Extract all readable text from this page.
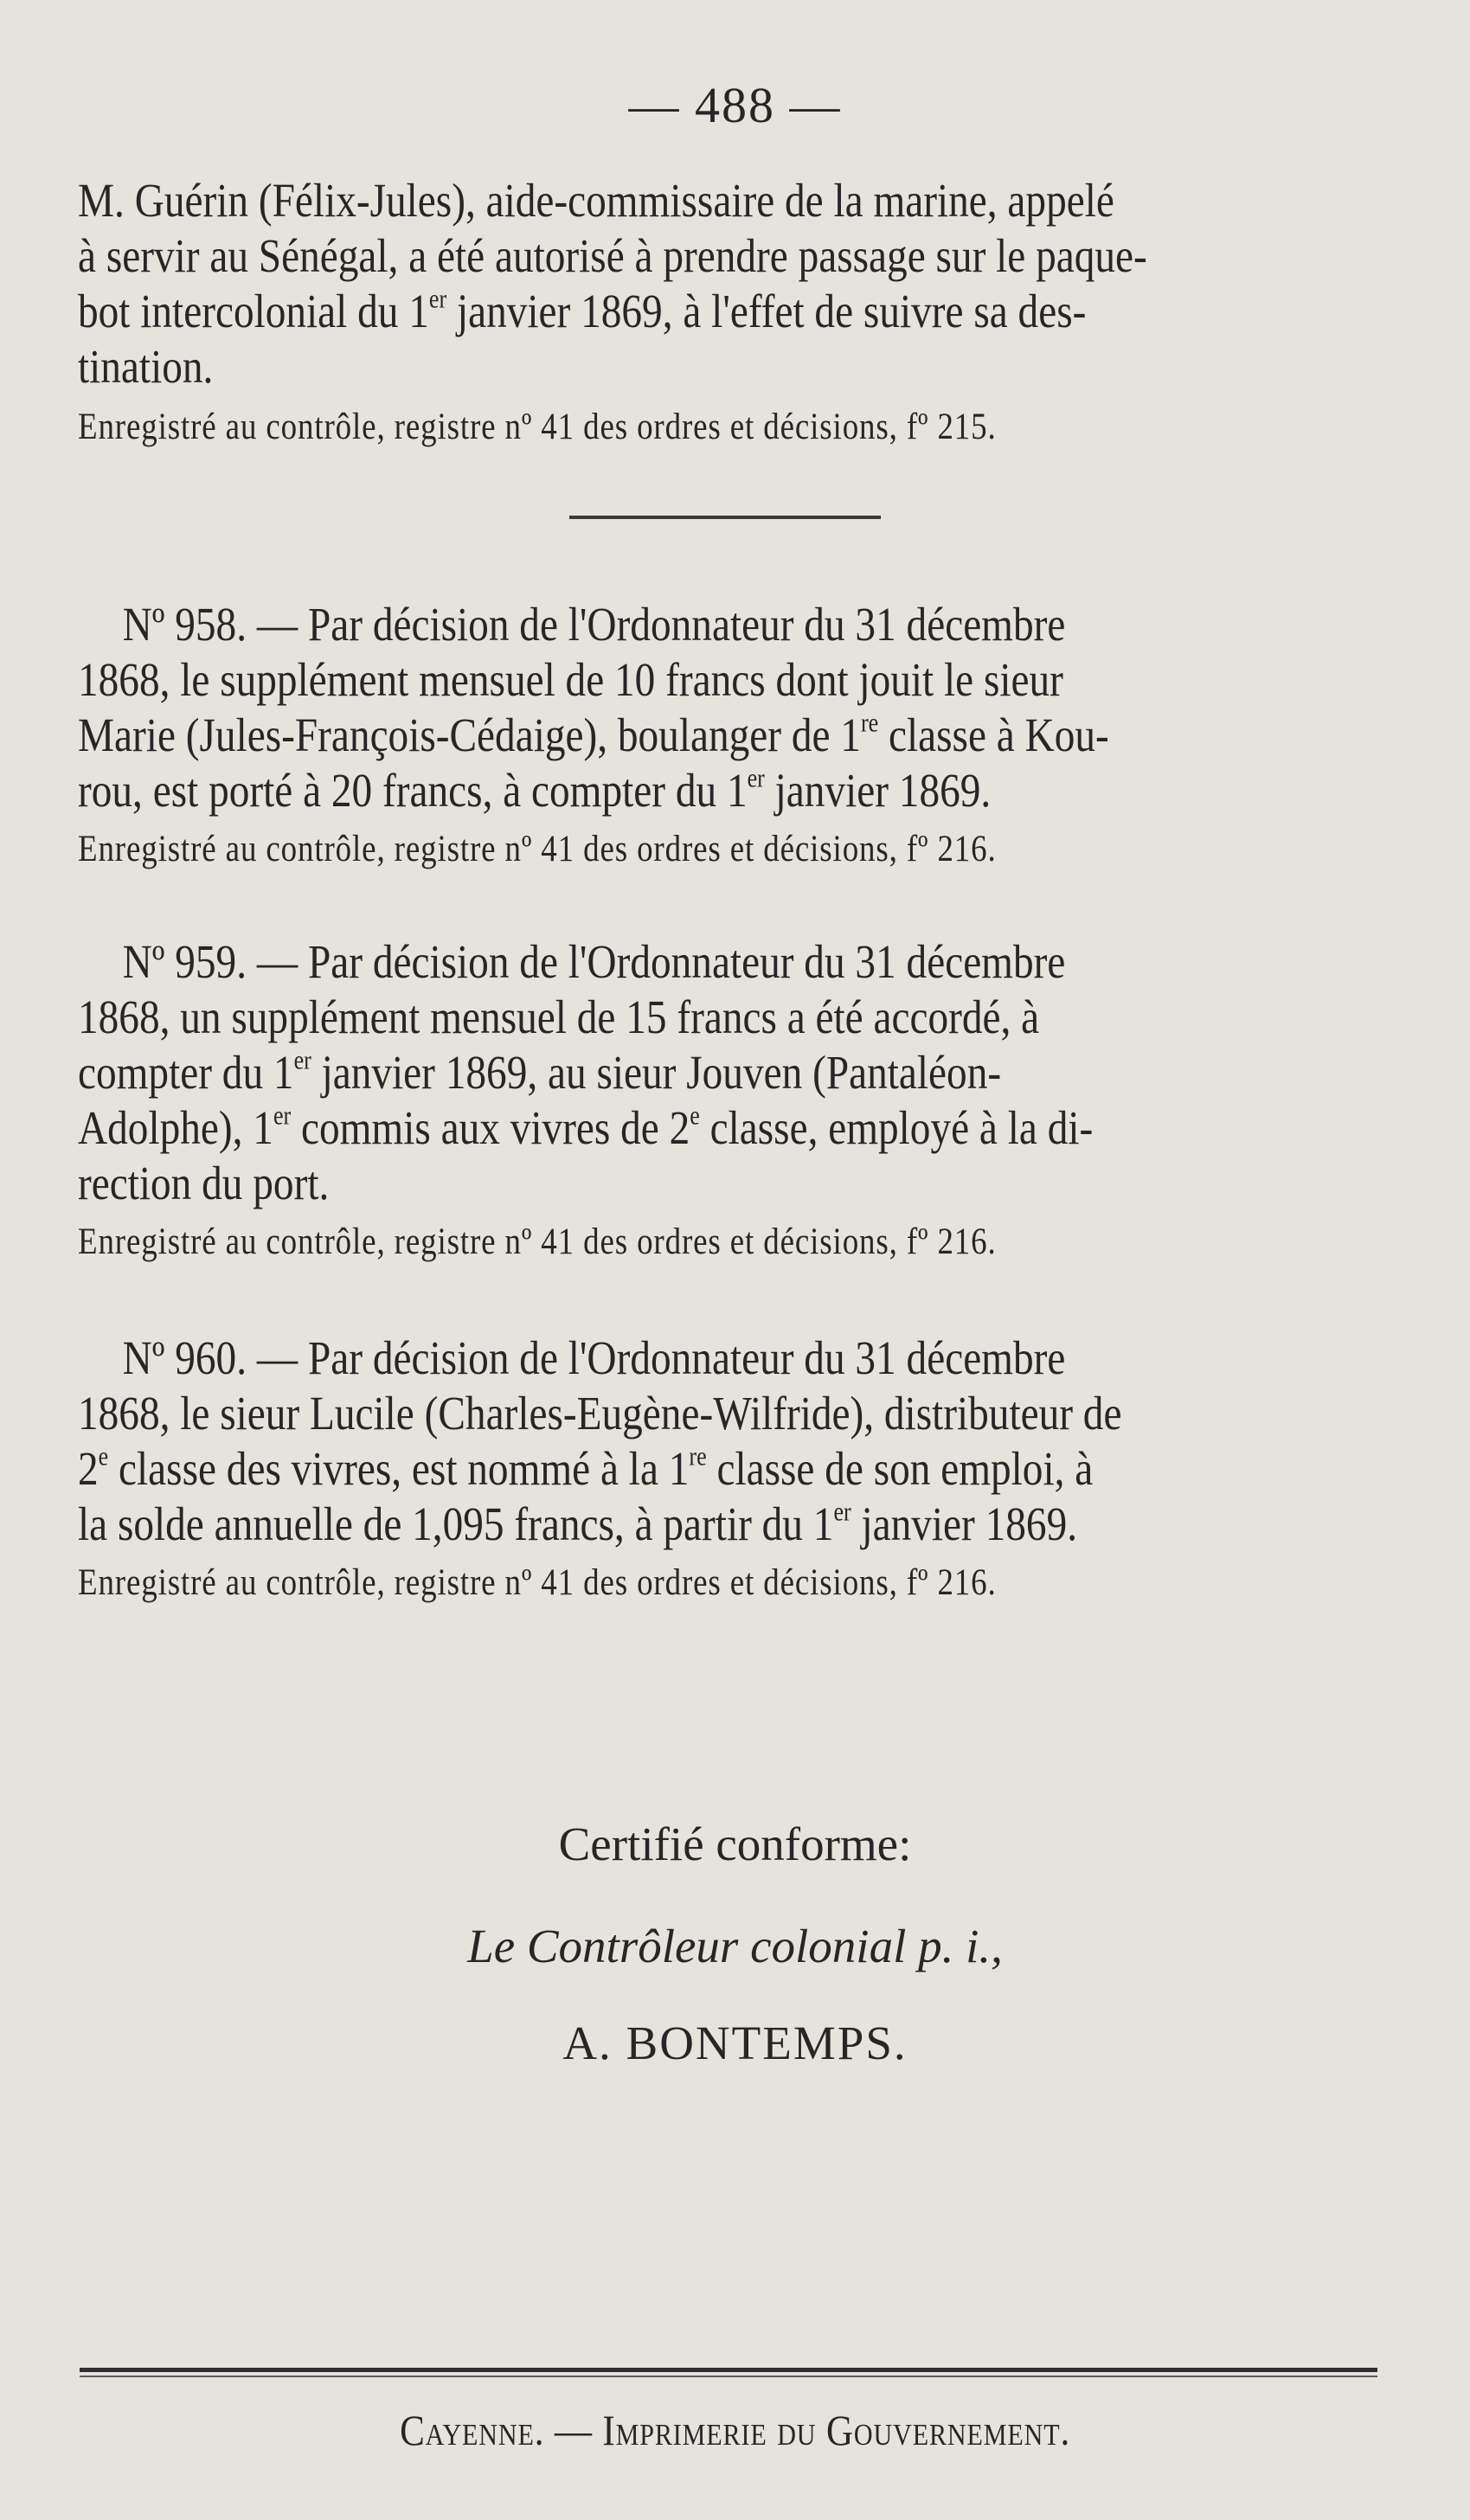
— 488 —

M. Guérin (Félix-Jules), aide-commissaire de la marine, appelé
à servir au Sénégal, a été autorisé à prendre passage sur le paque-
bot intercolonial du 1er janvier 1869, à l'effet de suivre sa des-
tination.

Enregistré au contrôle, registre nº 41 des ordres et décisions, fº 215.

Nº 958. — Par décision de l'Ordonnateur du 31 décembre
1868, le supplément mensuel de 10 francs dont jouit le sieur
Marie (Jules-François-Cédaige), boulanger de 1re classe à Kou-
rou, est porté à 20 francs, à compter du 1er janvier 1869.

Enregistré au contrôle, registre nº 41 des ordres et décisions, fº 216.

Nº 959. — Par décision de l'Ordonnateur du 31 décembre
1868, un supplément mensuel de 15 francs a été accordé, à
compter du 1er janvier 1869, au sieur Jouven (Pantaléon-
Adolphe), 1er commis aux vivres de 2e classe, employé à la di-
rection du port.

Enregistré au contrôle, registre nº 41 des ordres et décisions, fº 216.

Nº 960. — Par décision de l'Ordonnateur du 31 décembre
1868, le sieur Lucile (Charles-Eugène-Wilfride), distributeur de
2e classe des vivres, est nommé à la 1re classe de son emploi, à
la solde annuelle de 1,095 francs, à partir du 1er janvier 1869.

Enregistré au contrôle, registre nº 41 des ordres et décisions, fº 216.

Certifié conforme:
Le Contrôleur colonial p. i.,
A. BONTEMPS.
Cayenne. — Imprimerie du Gouvernement.
